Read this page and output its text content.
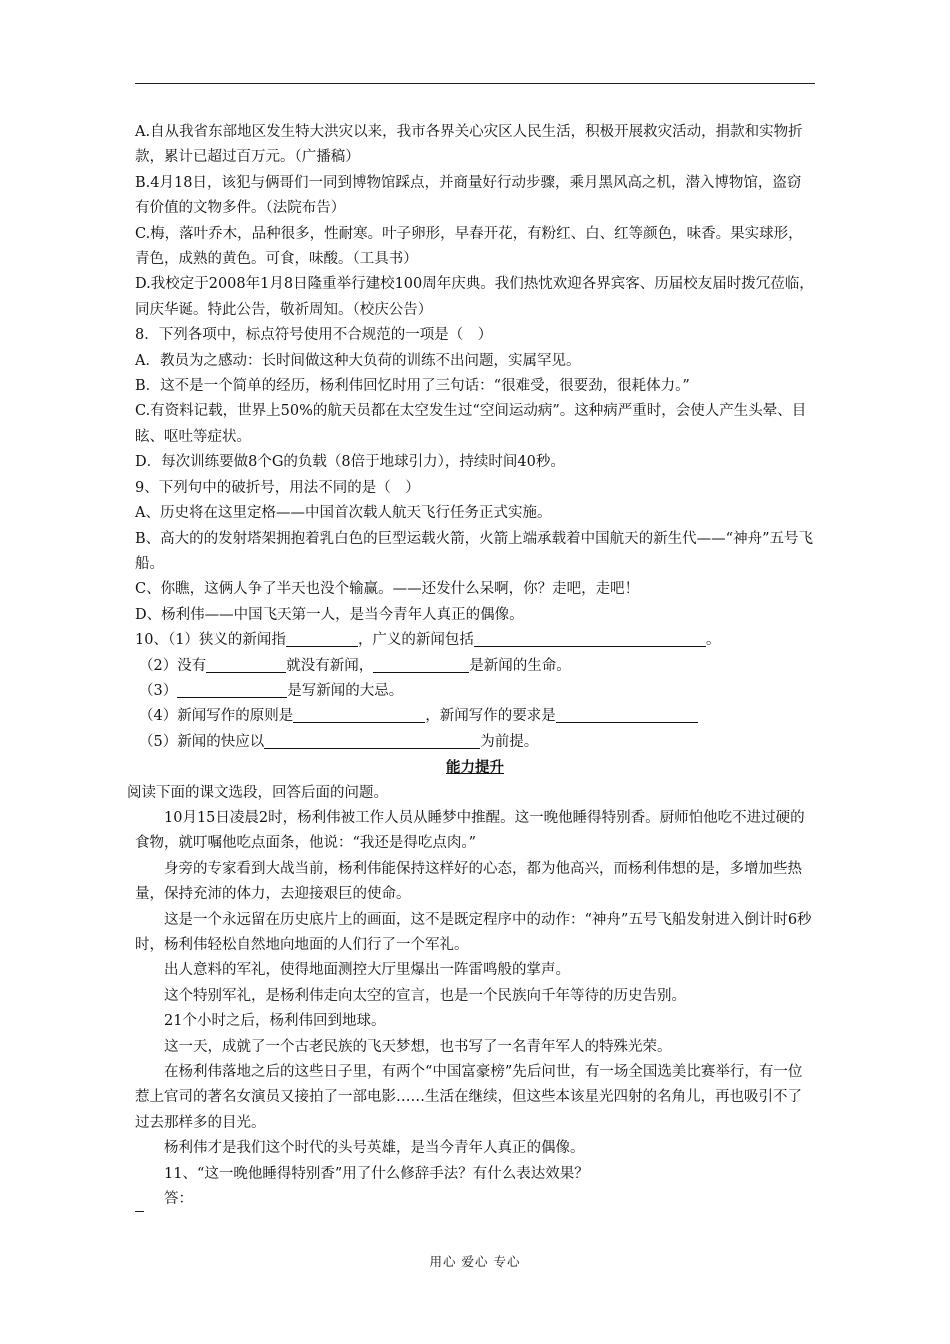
A.自从我省东部地区发生特大洪灾以来，我市各界关心灾区人民生活，积极开展救灾活动，捐款和实物折款，累计已超过百万元。（广播稿）

B.4月18日，该犯与俩哥们一同到博物馆踩点，并商量好行动步骤，乘月黑风高之机，潜入博物馆，盗窃有价值的文物多件。（法院布告）

C.梅，落叶乔木，品种很多，性耐寒。叶子卵形，早春开花，有粉红、白、红等颜色，味香。果实球形，青色，成熟的黄色。可食，味酸。（工具书）

D.我校定于2008年1月8日隆重举行建校100周年庆典。我们热忱欢迎各界宾客、历届校友届时拨冗莅临，同庆华诞。特此公告，敬祈周知。（校庆公告）

8．下列各项中，标点符号使用不合规范的一项是（　）

A．教员为之感动：长时间做这种大负荷的训练不出问题，实属罕见。

B．这不是一个简单的经历，杨利伟回忆时用了三句话：“很难受，很要劲，很耗体力。”

C.有资料记载，世界上50%的航天员都在太空发生过“空间运动病”。这种病严重时，会使人产生头晕、目眩、呕吐等症状。

D．每次训练要做8个G的负载（8倍于地球引力），持续时间40秒。

9、下列句中的破折号，用法不同的是（　）

A、历史将在这里定格——中国首次载人航天飞行任务正式实施。

B、高大的的发射塔架拥抱着乳白色的巨型运载火箭，火箭上端承载着中国航天的新生代——“神舟”五号飞船。

C、你瞧，这俩人争了半天也没个输赢。——还发什么呆啊，你？走吧，走吧！

D、杨利伟——中国飞天第一人，是当今青年人真正的偶像。

10、（1）狭义的新闻指	，广义的新闻包括	。

（2）没有	就没有新闻，	是新闻的生命。

（3）	是写新闻的大忌。

（4）新闻写作的原则是	，新闻写作的要求是

（5）新闻的快应以	为前提。

能力提升

阅读下面的课文选段，回答后面的问题。

10月15日凌晨2时，杨利伟被工作人员从睡梦中推醒。这一晚他睡得特别香。厨师怕他吃不进过硬的食物，就叮嘱他吃点面条，他说：“我还是得吃点肉。”

身旁的专家看到大战当前，杨利伟能保持这样好的心态，都为他高兴，而杨利伟想的是，多增加些热量，保持充沛的体力，去迎接艰巨的使命。

这是一个永远留在历史底片上的画面，这不是既定程序中的动作：“神舟”五号飞船发射进入倒计时6秒时，杨利伟轻松自然地向地面的人们行了一个军礼。

出人意料的军礼，使得地面测控大厅里爆出一阵雷鸣般的掌声。

这个特别军礼，是杨利伟走向太空的宣言，也是一个民族向千年等待的历史告别。

21个小时之后，杨利伟回到地球。

这一天，成就了一个古老民族的飞天梦想，也书写了一名青年军人的特殊光荣。

在杨利伟落地之后的这些日子里，有两个“中国富豪榜”先后问世，有一场全国选美比赛举行，有一位惹上官司的著名女演员又接拍了一部电影……生活在继续，但这些本该星光四射的名角儿，再也吸引不了过去那样多的目光。

杨利伟才是我们这个时代的头号英雄，是当今青年人真正的偶像。

11、“这一晚他睡得特别香”用了什么修辞手法？有什么表达效果？

答：

用心 爱心 专心
